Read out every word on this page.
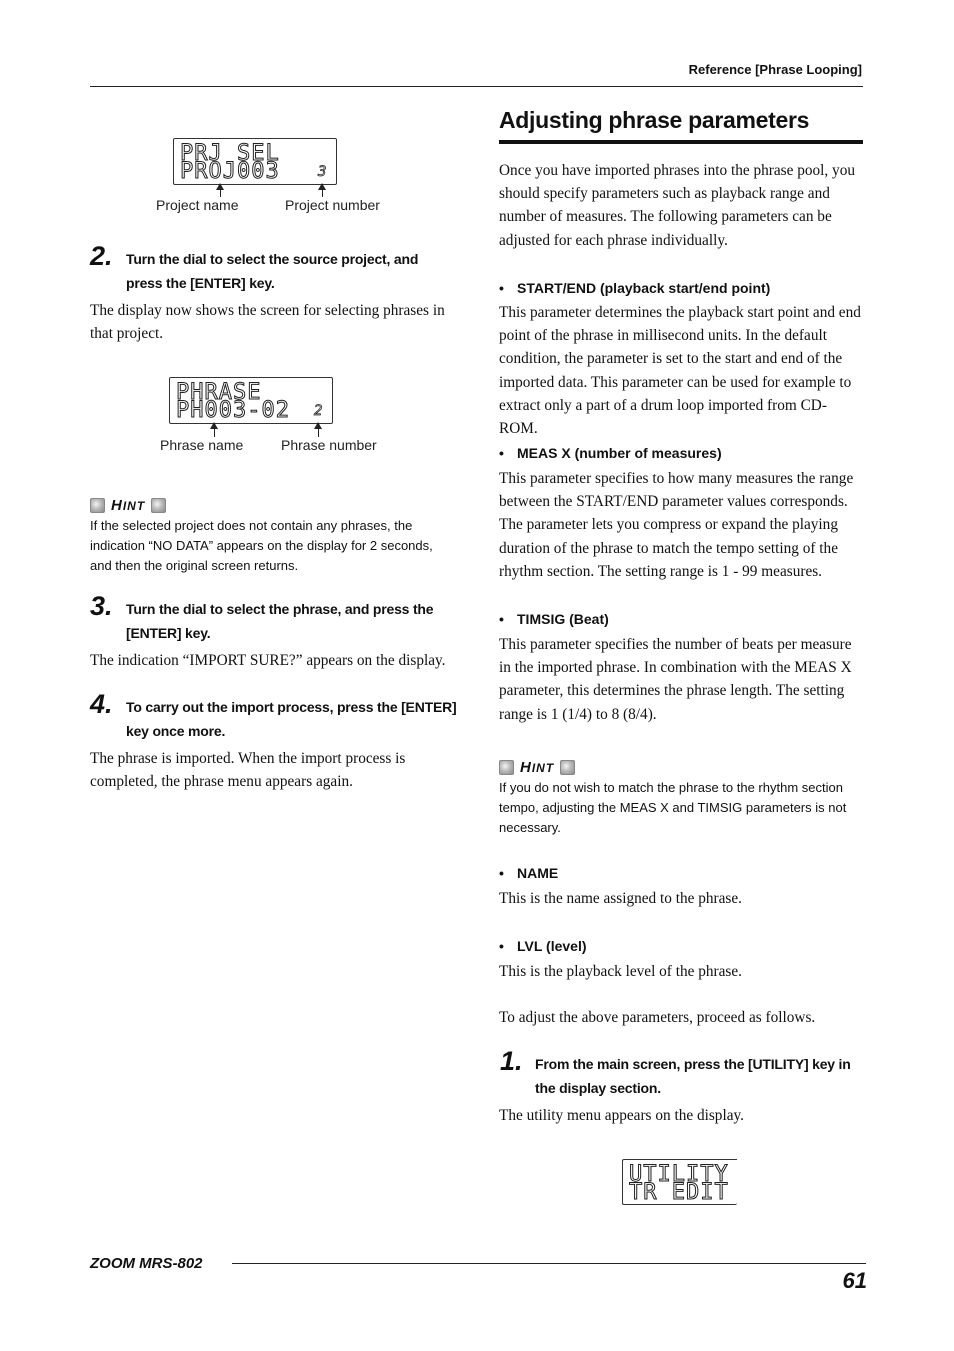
Reference [Phrase Looping]
PRJ SEL
PROJ003	3
Project name	Project number
2. Turn the dial to select the source project, and press the [ENTER] key.
The display now shows the screen for selecting phrases in that project.
PHRASE
PH003-02 2
Phrase name	Phrase number
HINT
If the selected project does not contain any phrases, the indication “NO DATA” appears on the display for 2 seconds, and then the original screen returns.
3. Turn the dial to select the phrase, and press the [ENTER] key.
The indication “IMPORT SURE?” appears on the display.
4. To carry out the import process, press the [ENTER] key once more.
The phrase is imported. When the import process is completed, the phrase menu appears again.
Adjusting phrase parameters
Once you have imported phrases into the phrase pool, you should specify parameters such as playback range and number of measures. The following parameters can be adjusted for each phrase individually.
• START/END (playback start/end point)
This parameter determines the playback start point and end point of the phrase in millisecond units. In the default condition, the parameter is set to the start and end of the imported data. This parameter can be used for example to extract only a part of a drum loop imported from CD-ROM.
• MEAS X (number of measures)
This parameter specifies to how many measures the range between the START/END parameter values corresponds. The parameter lets you compress or expand the playing duration of the phrase to match the tempo setting of the rhythm section. The setting range is 1 - 99 measures.
• TIMSIG (Beat)
This parameter specifies the number of beats per measure in the imported phrase. In combination with the MEAS X parameter, this determines the phrase length. The setting range is 1 (1/4) to 8 (8/4).
HINT
If you do not wish to match the phrase to the rhythm section tempo, adjusting the MEAS X and TIMSIG parameters is not necessary.
• NAME
This is the name assigned to the phrase.
• LVL (level)
This is the playback level of the phrase.
To adjust the above parameters, proceed as follows.
1. From the main screen, press the [UTILITY] key in the display section.
The utility menu appears on the display.
UTILITY
TR EDIT
ZOOM MRS-802
61
